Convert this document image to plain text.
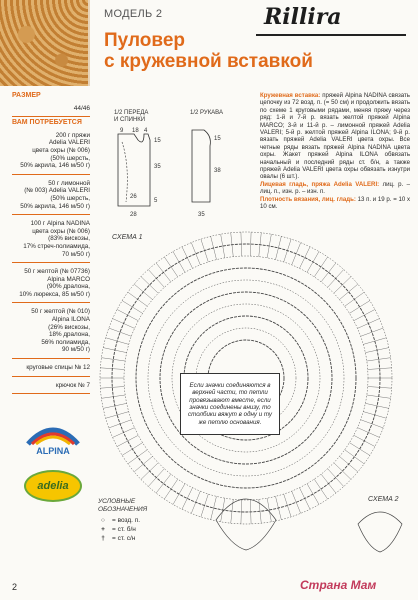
МОДЕЛЬ 2	Rillira
Пуловер
с кружевной вставкой
РАЗМЕР
44/46
ВАМ ПОТРЕБУЕТСЯ
200 г пряжи
Adelia VALERI
цвета охры (№ 006)
(50% шерсть,
50% акрила, 146 м/50 г)
50 г лимонной
(№ 003) Adelia VALERI
(50% шерсть,
50% акрила, 146 м/50 г)
100 г Alpina NADINA
цвета охры (№ 006)
(83% вискозы,
17% стреч-полиамида,
70 м/50 г)
50 г желтой (№ 07736)
Alpina MARCO
(90% дралона,
10% люрекса, 85 м/50 г)
50 г желтой (№ 010)
Alpina ILONA
(26% вискозы,
18% дралона,
56% полиамида,
90 м/50 г)
круговые спицы № 12
крючок № 7
ALPINA
adelia
1/2 ПЕРЕДА
И СПИНКИ
1/2 РУКАВА
9 18 4
15
35
5
26
28
15
38
35

Кружевная вставка: пряжей Alpina NADINA связать цепочку из 72 возд. п. (= 50 см) и продолжить вязать по схеме 1 круговыми рядами, меняя пряжу через ряд: 1-й и 7-й р. вязать желтой пряжей Alpina MARCO; 3-й и 11-й р. – лимонной пряжей Adelia VALERI; 5-й р. желтой пряжей Alpina ILONA; 9-й р. вязать пряжей Adelia VALERI цвета охры. Все четные ряды вязать пряжей Alpina NADINA цвета охры. Жакет пряжей Alpina ILONA обвязать начальный и последний ряды ст. б/н, а также пряжей Adelia VALERI цвета охры обвязать изнутри овалы (6 шт.).

Лицевая гладь, пряжа Adelia VALERI: лиц. р. – лиц. п., изн. р. – изн. п.

Плотность вязания, лиц. гладь: 13 п. и 19 р. = 10 х 10 см.

СХЕМА 1
СХЕМА 2
Если значки соединяются в верхней части, то петли провязывают вместе, если значки соединены внизу, то столбики вяжут в одну и ту же петлю основания.
УСЛОВНЫЕ ОБОЗНАЧЕНИЯ
○	= возд. п.
+	= ст. б/н
†	= ст. с/н
2	Страна Мам
